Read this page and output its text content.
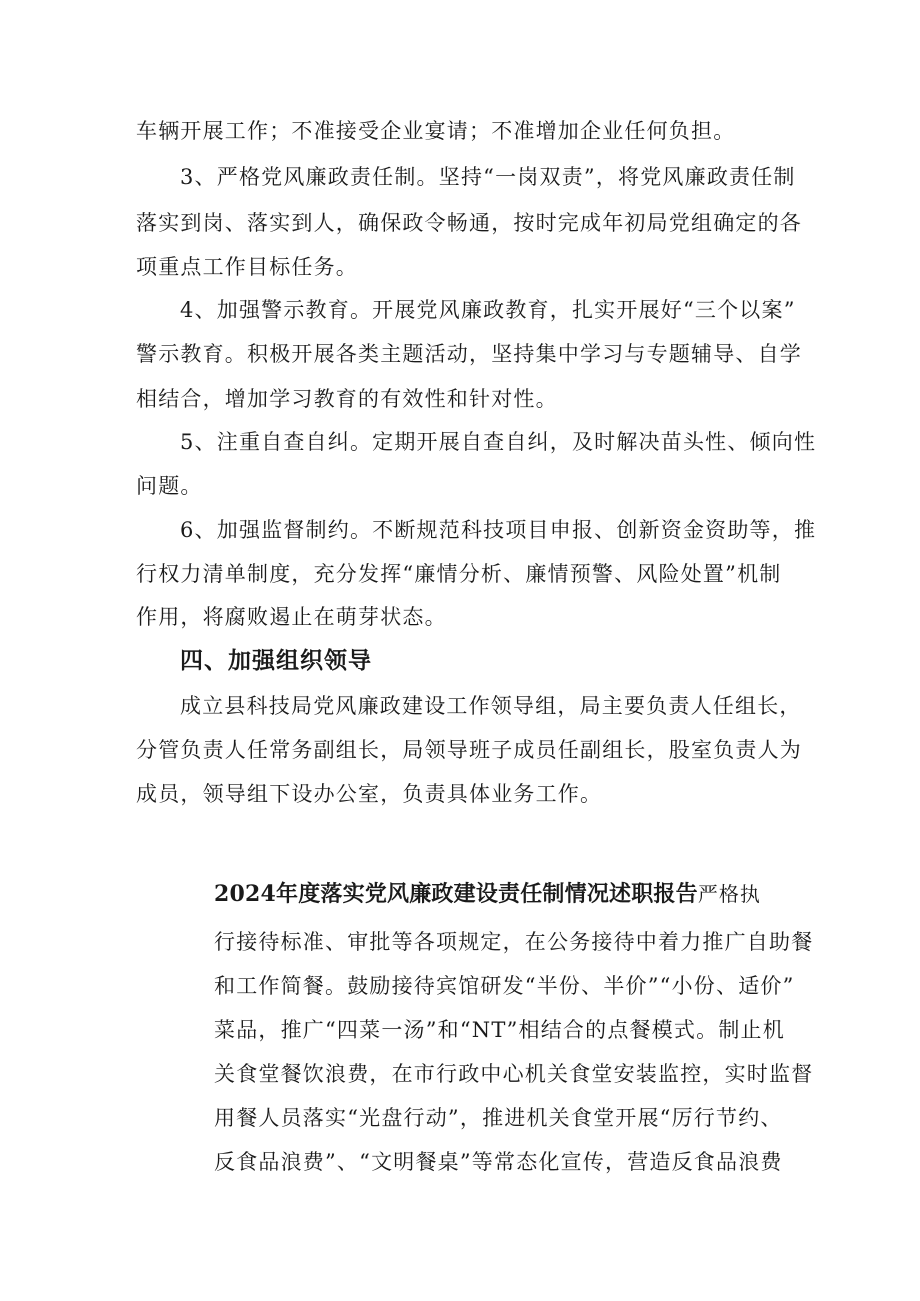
车辆开展工作；不准接受企业宴请；不准增加企业任何负担。
3、严格党风廉政责任制。坚持“一岗双责”，将党风廉政责任制
落实到岗、落实到人，确保政令畅通，按时完成年初局党组确定的各
项重点工作目标任务。
4、加强警示教育。开展党风廉政教育，扎实开展好“三个以案”
警示教育。积极开展各类主题活动，坚持集中学习与专题辅导、自学
相结合，增加学习教育的有效性和针对性。
5、注重自查自纠。定期开展自查自纠，及时解决苗头性、倾向性
问题。
6、加强监督制约。不断规范科技项目申报、创新资金资助等，推
行权力清单制度，充分发挥“廉情分析、廉情预警、风险处置”机制
作用，将腐败遏止在萌芽状态。
四、加强组织领导
成立县科技局党风廉政建设工作领导组，局主要负责人任组长，
分管负责人任常务副组长，局领导班子成员任副组长，股室负责人为
成员，领导组下设办公室，负责具体业务工作。
2024年度落实党风廉政建设责任制情况述职报告严格执
行接待标准、审批等各项规定，在公务接待中着力推广自助餐
和工作简餐。鼓励接待宾馆研发“半份、半价”“小份、适价”
菜品，推广“四菜一汤”和“NT”相结合的点餐模式。制止机
关食堂餐饮浪费，在市行政中心机关食堂安装监控，实时监督
用餐人员落实“光盘行动”，推进机关食堂开展“厉行节约、
反食品浪费”、“文明餐桌”等常态化宣传，营造反食品浪费
